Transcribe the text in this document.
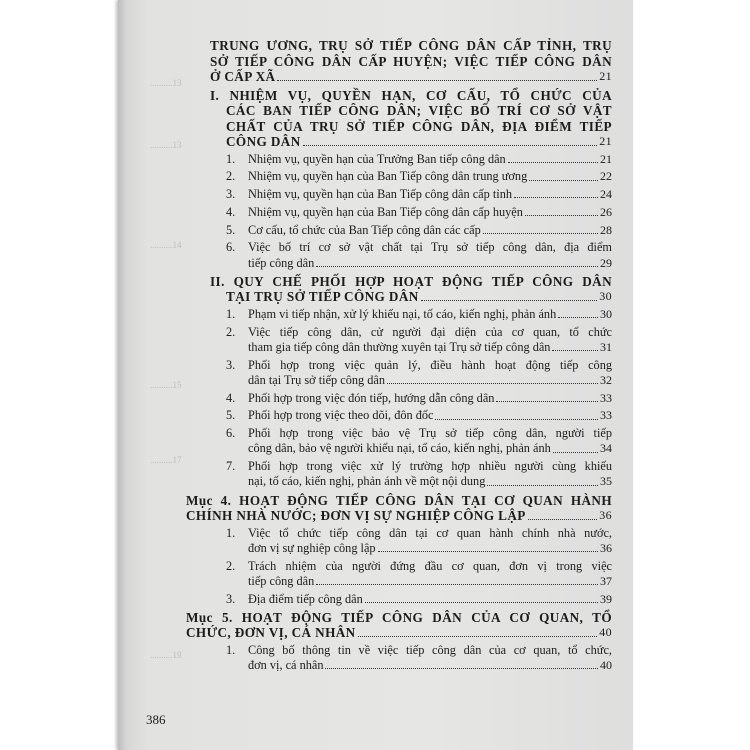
..........13
..........13
..........14
..........15
..........17
..........19
TRUNG ƯƠNG, TRỤ SỞ TIẾP CÔNG DÂN CẤP TỈNH, TRỤ
SỞ TIẾP CÔNG DÂN CẤP HUYỆN; VIỆC TIẾP CÔNG DÂN
Ở CẤP XÃ	21
I. NHIỆM VỤ, QUYỀN HẠN, CƠ CẤU, TỔ CHỨC CỦA
CÁC BAN TIẾP CÔNG DÂN; VIỆC BỐ TRÍ CƠ SỞ VẬT
CHẤT CỦA TRỤ SỞ TIẾP CÔNG DÂN, ĐỊA ĐIỂM TIẾP
CÔNG DÂN	21
1.	Nhiệm vụ, quyền hạn của Trưởng Ban tiếp công dân	21
2.	Nhiệm vụ, quyền hạn của Ban Tiếp công dân trung ương	22
3.	Nhiệm vụ, quyền hạn của Ban Tiếp công dân cấp tỉnh	24
4.	Nhiệm vụ, quyền hạn của Ban Tiếp công dân cấp huyện	26
5.	Cơ cấu, tổ chức của Ban Tiếp công dân các cấp	28
6.	Việc bố trí cơ sở vật chất tại Trụ sở tiếp công dân, địa điểm
tiếp công dân	29
II. QUY CHẾ PHỐI HỢP HOẠT ĐỘNG TIẾP CÔNG DÂN
TẠI TRỤ SỞ TIẾP CÔNG DÂN	30
1.	Phạm vi tiếp nhận, xử lý khiếu nại, tố cáo, kiến nghị, phản ánh	30
2.	Việc tiếp công dân, cử người đại diện của cơ quan, tổ chức
tham gia tiếp công dân thường xuyên tại Trụ sở tiếp công dân	31
3.	Phối hợp trong việc quản lý, điều hành hoạt động tiếp công
dân tại Trụ sở tiếp công dân	32
4.	Phối hợp trong việc đón tiếp, hướng dẫn công dân	33
5.	Phối hợp trong việc theo dõi, đôn đốc	33
6.	Phối hợp trong việc bảo vệ Trụ sở tiếp công dân, người tiếp
công dân, bảo vệ người khiếu nại, tố cáo, kiến nghị, phản ánh	34
7.	Phối hợp trong việc xử lý trường hợp nhiều người cùng khiếu
nại, tố cáo, kiến nghị, phản ánh về một nội dung	35
Mục 4. HOẠT ĐỘNG TIẾP CÔNG DÂN TẠI CƠ QUAN HÀNH
CHÍNH NHÀ NƯỚC; ĐƠN VỊ SỰ NGHIỆP CÔNG LẬP	36
1.	Việc tổ chức tiếp công dân tại cơ quan hành chính nhà nước,
đơn vị sự nghiệp công lập	36
2.	Trách nhiệm của người đứng đầu cơ quan, đơn vị trong việc
tiếp công dân	37
3.	Địa điểm tiếp công dân	39
Mục 5. HOẠT ĐỘNG TIẾP CÔNG DÂN CỦA CƠ QUAN, TỔ
CHỨC, ĐƠN VỊ, CÁ NHÂN	40
1.	Công bố thông tin về việc tiếp công dân của cơ quan, tổ chức,
đơn vị, cá nhân	40
386
